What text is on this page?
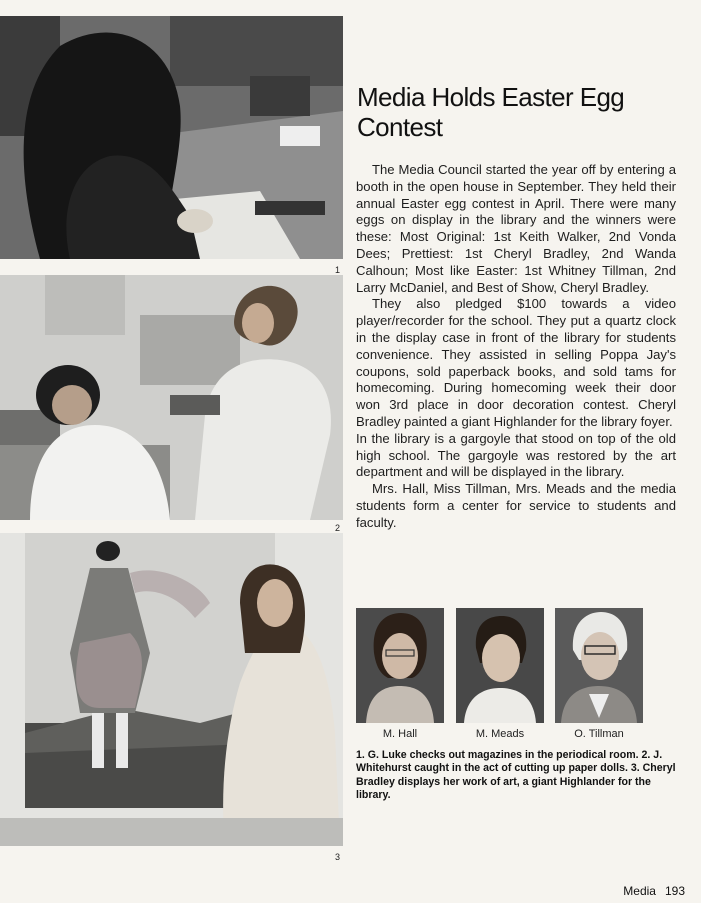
1
2
3
Media Holds Easter Egg Contest

The Media Council started the year off by entering a booth in the open house in September. They held their annual Easter egg contest in April. There were many eggs on display in the library and the winners were these: Most Original: 1st Keith Walker, 2nd Vonda Dees; Prettiest: 1st Cheryl Bradley, 2nd Wanda Calhoun; Most like Easter: 1st Whitney Tillman, 2nd Larry McDaniel, and Best of Show, Cheryl Bradley.

They also pledged $100 towards a video player/recorder for the school. They put a quartz clock in the display case in front of the library for students convenience. They assisted in selling Poppa Jay's coupons, sold paperback books, and sold tams for homecoming. During homecoming week their door won 3rd place in door decoration contest. Cheryl Bradley painted a giant Highlander for the library foyer.

In the library is a gargoyle that stood on top of the old high school. The gargoyle was restored by the art department and will be displayed in the library.

Mrs. Hall, Miss Tillman, Mrs. Meads and the media students form a center for service to students and faculty.

M. Hall	M. Meads	O. Tillman
1. G. Luke checks out magazines in the periodical room. 2. J. Whitehurst caught in the act of cutting up paper dolls. 3. Cheryl Bradley displays her work of art, a giant Highlander for the library.
Media 193
